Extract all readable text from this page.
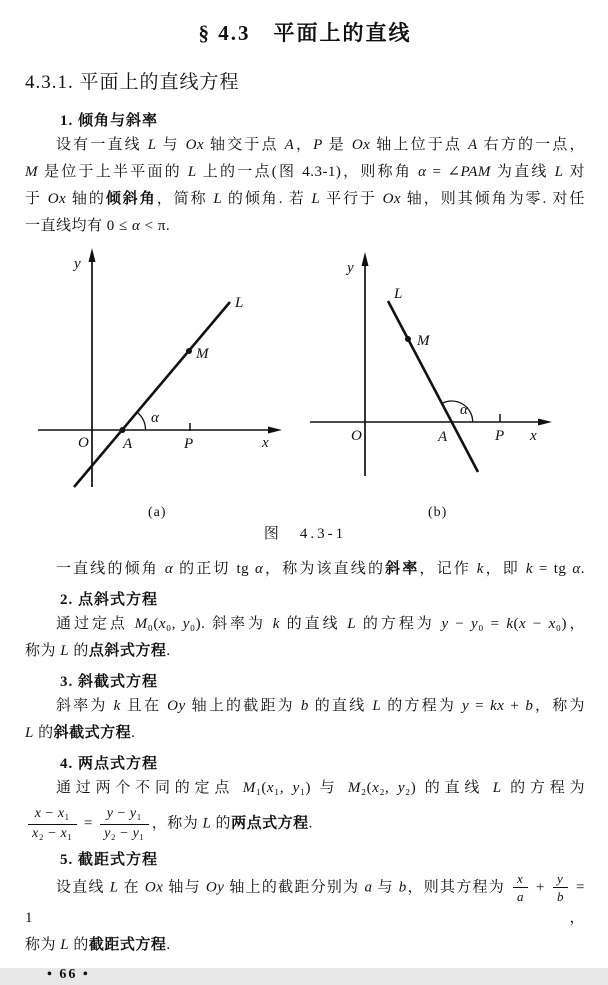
§ 4.3　平面上的直线
4.3.1. 平面上的直线方程
1. 倾角与斜率
设有一直线 L 与 Ox 轴交于点 A，P 是 Ox 轴上位于点 A 右方的一点，
M 是位于上半平面的 L 上的一点(图 4.3-1)，则称角 α = ∠PAM 为直线 L 对
于 Ox 轴的倾斜角，简称 L 的倾角. 若 L 平行于 Ox 轴，则其倾角为零. 对任
一直线均有 0 ≤ α < π.
y
x
O A	P
M
L
α
(a)
y
x
O	A	P
M
L
α
(b)
图　4.3-1
一直线的倾角 α 的正切 tg α，称为该直线的斜率，记作 k，即 k = tg α.
2. 点斜式方程
通过定点 M₀(x₀, y₀). 斜率为 k 的直线 L 的方程为 y − y₀ = k(x − x₀)，
称为 L 的点斜式方程.
3. 斜截式方程
斜率为 k 且在 Oy 轴上的截距为 b 的直线 L 的方程为 y = kx + b，称为
L 的斜截式方程.
4. 两点式方程
通过两个不同的定点 M₁(x₁, y₁) 与 M₂(x₂, y₂) 的直线 L 的方程为
$\frac{\text{x − x₁}}{\text{x₂ − x₁}} = \frac{\text{y − y₁}}{\text{y₂ − y₁}}$ ，称为 L 的两点式方程.
5. 截距式方程
设直线 L 在 Ox 轴与 Oy 轴上的截距分别为 a 与 b，则其方程为 $\frac{x}{a} + \frac{y}{b} = 1$，
称为 L 的截距式方程.
• 66 •
